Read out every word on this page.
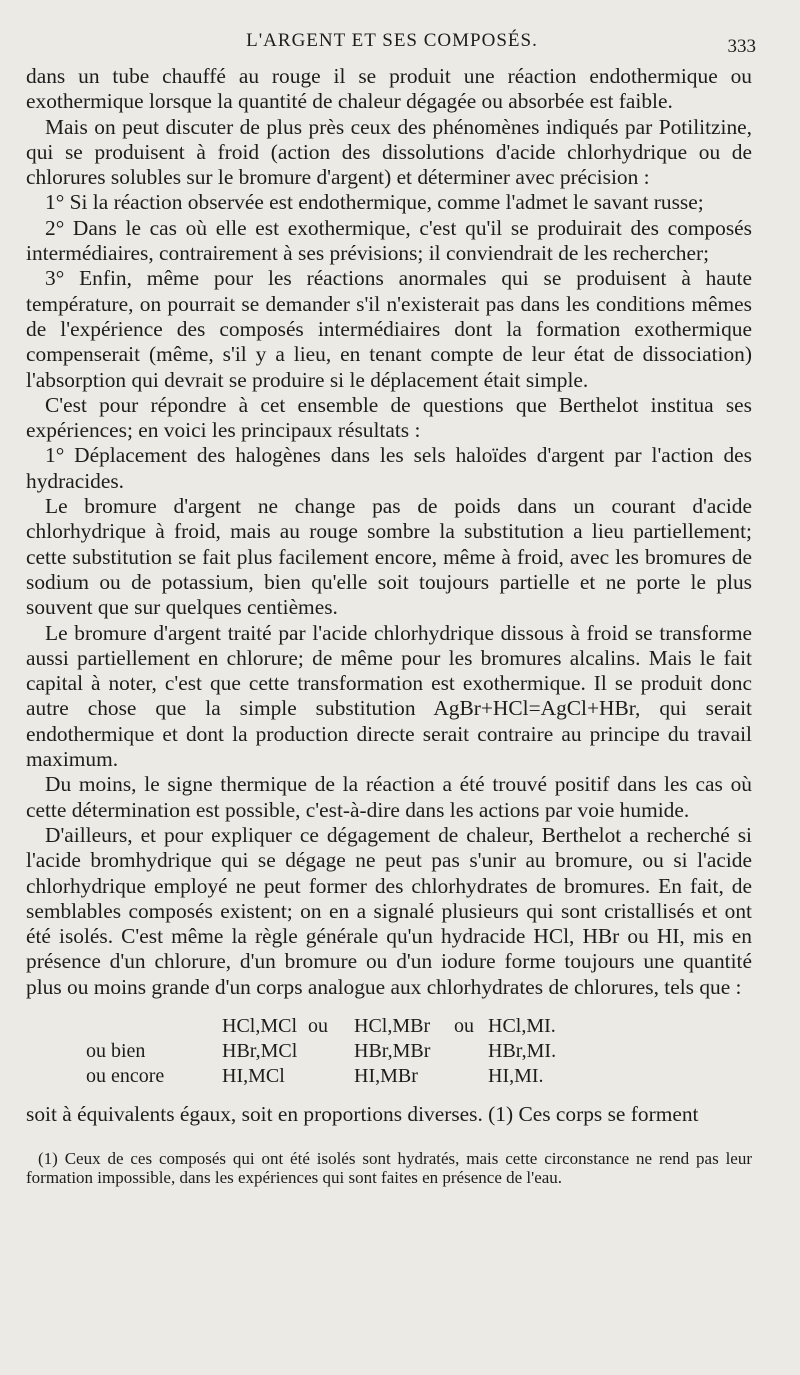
L'ARGENT ET SES COMPOSÉS.	333

dans un tube chauffé au rouge il se produit une réaction endothermique ou exothermique lorsque la quantité de chaleur dégagée ou absorbée est faible.

Mais on peut discuter de plus près ceux des phénomènes indiqués par Potilitzine, qui se produisent à froid (action des dissolutions d'acide chlorhydrique ou de chlorures solubles sur le bromure d'argent) et déterminer avec précision :

1° Si la réaction observée est endothermique, comme l'admet le savant russe;

2° Dans le cas où elle est exothermique, c'est qu'il se produirait des composés intermédiaires, contrairement à ses prévisions; il conviendrait de les rechercher;

3° Enfin, même pour les réactions anormales qui se produisent à haute température, on pourrait se demander s'il n'existerait pas dans les conditions mêmes de l'expérience des composés intermédiaires dont la formation exothermique compenserait (même, s'il y a lieu, en tenant compte de leur état de dissociation) l'absorption qui devrait se produire si le déplacement était simple.

C'est pour répondre à cet ensemble de questions que Berthelot institua ses expériences; en voici les principaux résultats :

1° Déplacement des halogènes dans les sels haloïdes d'argent par l'action des hydracides.

Le bromure d'argent ne change pas de poids dans un courant d'acide chlorhydrique à froid, mais au rouge sombre la substitution a lieu partiellement; cette substitution se fait plus facilement encore, même à froid, avec les bromures de sodium ou de potassium, bien qu'elle soit toujours partielle et ne porte le plus souvent que sur quelques centièmes.

Le bromure d'argent traité par l'acide chlorhydrique dissous à froid se transforme aussi partiellement en chlorure; de même pour les bromures alcalins. Mais le fait capital à noter, c'est que cette transformation est exothermique. Il se produit donc autre chose que la simple substitution AgBr+HCl=AgCl+HBr, qui serait endothermique et dont la production directe serait contraire au principe du travail maximum.

Du moins, le signe thermique de la réaction a été trouvé positif dans les cas où cette détermination est possible, c'est-à-dire dans les actions par voie humide.

D'ailleurs, et pour expliquer ce dégagement de chaleur, Berthelot a recherché si l'acide bromhydrique qui se dégage ne peut pas s'unir au bromure, ou si l'acide chlorhydrique employé ne peut former des chlorhydrates de bromures. En fait, de semblables composés existent; on en a signalé plusieurs qui sont cristallisés et ont été isolés. C'est même la règle générale qu'un hydracide HCl, HBr ou HI, mis en présence d'un chlorure, d'un bromure ou d'un iodure forme toujours une quantité plus ou moins grande d'un corps analogue aux chlorhydrates de chlorures, tels que :

	HCl,MCl	ou	HCl,MBr	ou	HCl,MI.
ou bien	HBr,MCl		HBr,MBr		HBr,MI.
ou encore	HI,MCl		HI,MBr		HI,MI.

soit à équivalents égaux, soit en proportions diverses. (1) Ces corps se forment

(1) Ceux de ces composés qui ont été isolés sont hydratés, mais cette circonstance ne rend pas leur formation impossible, dans les expériences qui sont faites en présence de l'eau.
